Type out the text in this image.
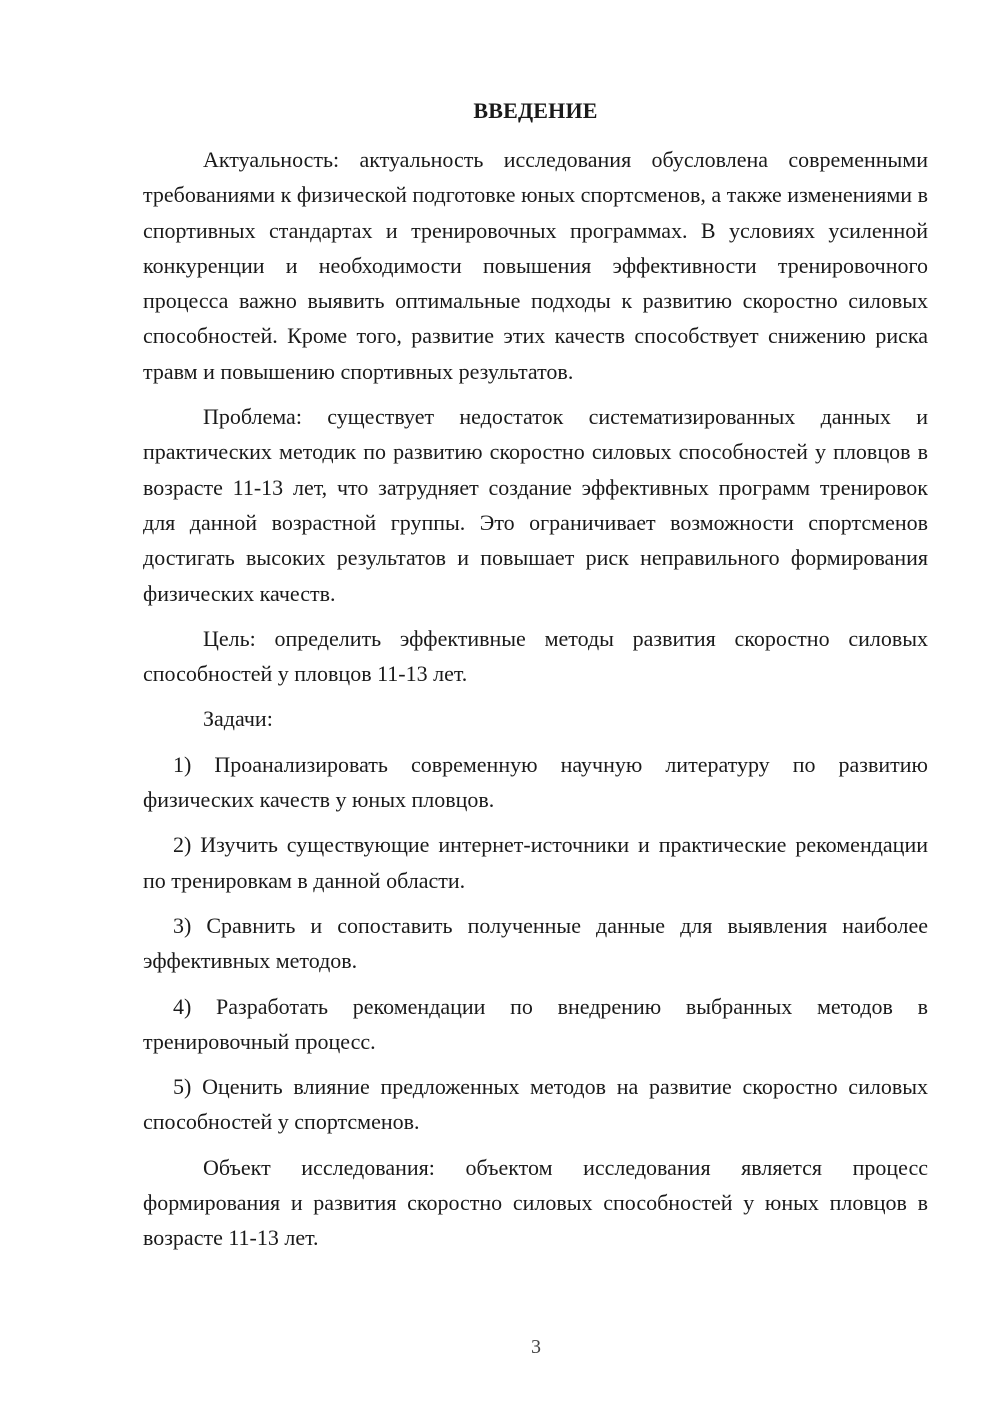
ВВЕДЕНИЕ

Актуальность: актуальность исследования обусловлена современными требованиями к физической подготовке юных спортсменов, а также изменениями в спортивных стандартах и тренировочных программах. В условиях усиленной конкуренции и необходимости повышения эффективности тренировочного процесса важно выявить оптимальные подходы к развитию скоростно силовых способностей. Кроме того, развитие этих качеств способствует снижению риска травм и повышению спортивных результатов.

Проблема: существует недостаток систематизированных данных и практических методик по развитию скоростно силовых способностей у пловцов в возрасте 11-13 лет, что затрудняет создание эффективных программ тренировок для данной возрастной группы. Это ограничивает возможности спортсменов достигать высоких результатов и повышает риск неправильного формирования физических качеств.

Цель: определить эффективные методы развития скоростно силовых способностей у пловцов 11-13 лет.

Задачи:

1) Проанализировать современную научную литературу по развитию физических качеств у юных пловцов.

2) Изучить существующие интернет-источники и практические рекомендации по тренировкам в данной области.

3) Сравнить и сопоставить полученные данные для выявления наиболее эффективных методов.

4) Разработать рекомендации по внедрению выбранных методов в тренировочный процесс.

5) Оценить влияние предложенных методов на развитие скоростно силовых способностей у спортсменов.

Объект исследования: объектом исследования является процесс формирования и развития скоростно силовых способностей у юных пловцов в возрасте 11-13 лет.

3
